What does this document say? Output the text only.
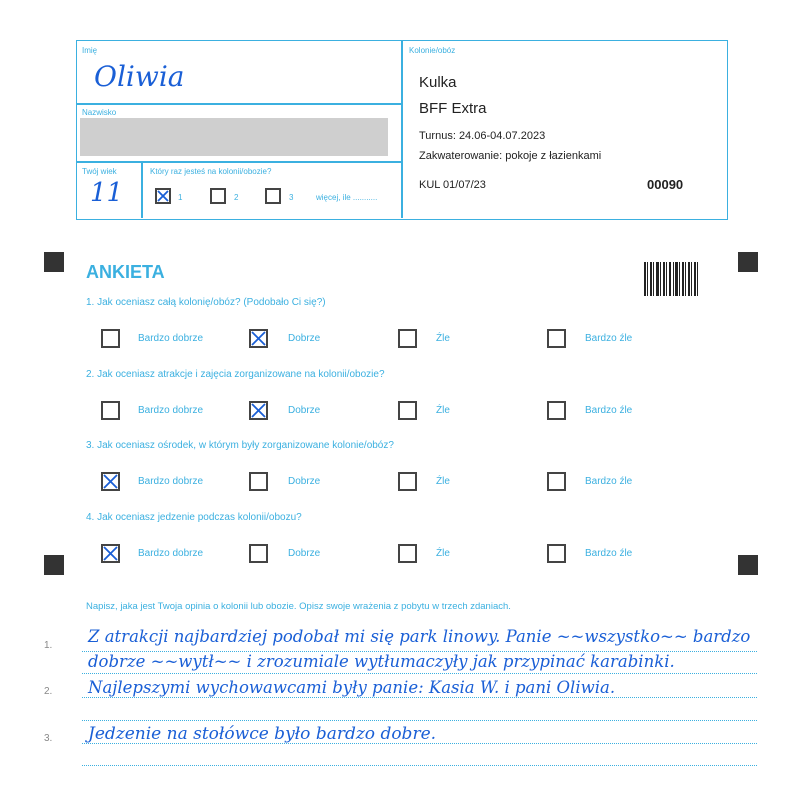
Imię
Oliwia
Nazwisko
Twój wiek
11
Który raz jesteś na kolonii/obozie?
1	2	3	więcej, ile ...........
Kolonie/obóz
Kulka
BFF Extra
Turnus: 24.06-04.07.2023
Zakwaterowanie: pokoje z łazienkami
KUL 01/07/23	00090
ANKIETA
1. Jak oceniasz całą kolonię/obóz? (Podobało Ci się?)
Bardzo dobrze	Dobrze	Źle	Bardzo źle
2. Jak oceniasz atrakcje i zajęcia zorganizowane na kolonii/obozie?
Bardzo dobrze	Dobrze	Źle	Bardzo źle
3. Jak oceniasz ośrodek, w którym były zorganizowane kolonie/obóz?
Bardzo dobrze	Dobrze	Źle	Bardzo źle
4. Jak oceniasz jedzenie podczas kolonii/obozu?
Bardzo dobrze	Dobrze	Źle	Bardzo źle
Napisz, jaka jest Twoja opinia o kolonii lub obozie. Opisz swoje wrażenia z pobytu w trzech zdaniach.
1.
2.
3.
Z atrakcji najbardziej podobał mi się park linowy. Panie ~~wszystko~~ bardzo
dobrze ~~wytł~~ i zrozumiale wytłumaczyły jak przypinać karabinki.
Najlepszymi wychowawcami były panie: Kasia W. i pani Oliwia.
Jedzenie na stołówce było bardzo dobre.
